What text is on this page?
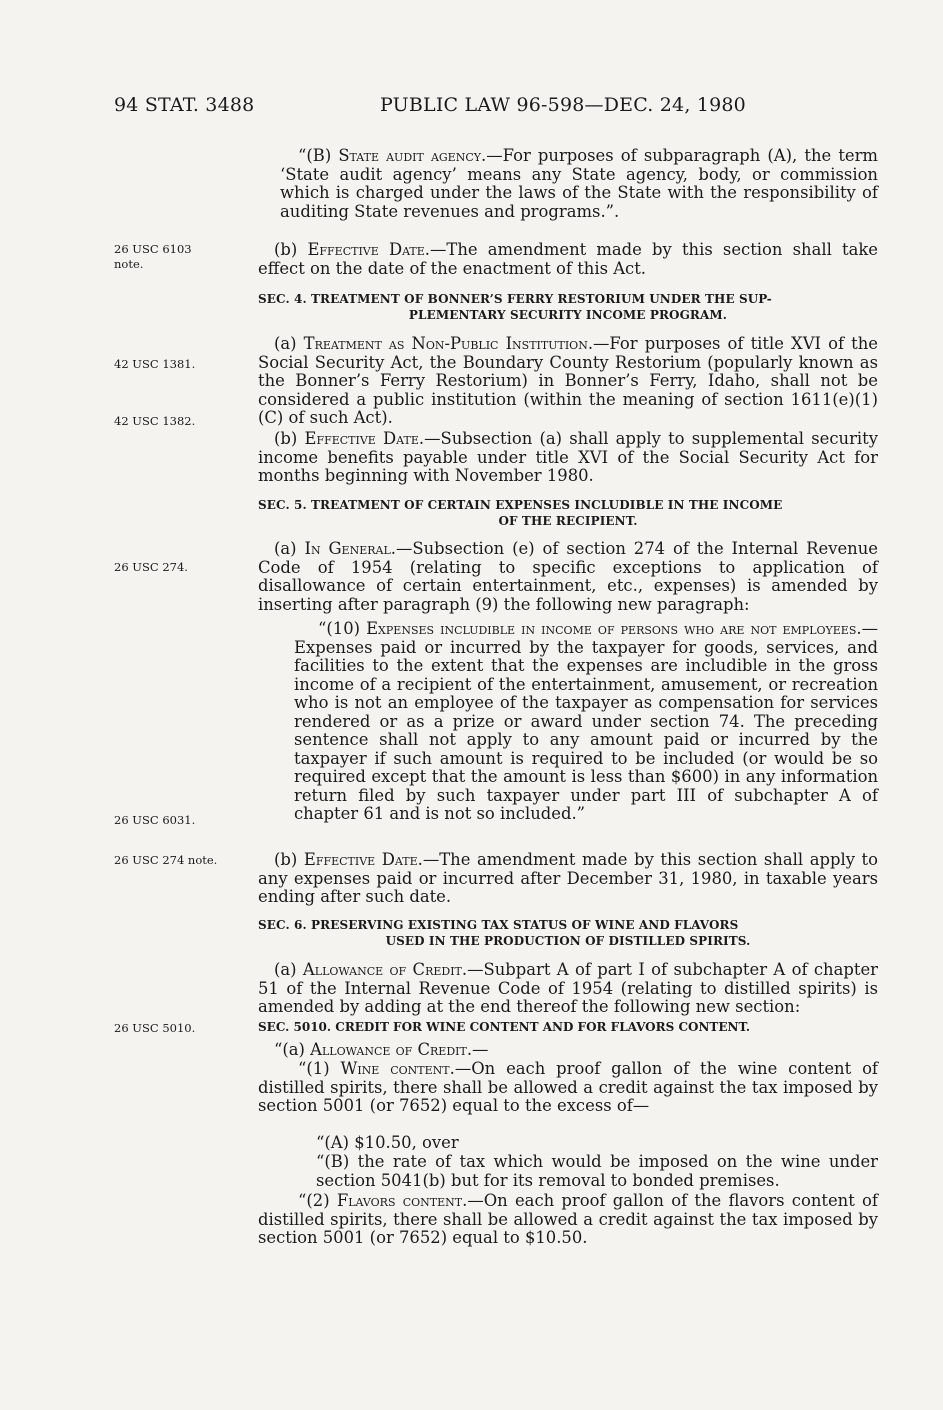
94 STAT. 3488	PUBLIC LAW 96-598—DEC. 24, 1980
26 USC 6103
note.
42 USC 1381.
42 USC 1382.
26 USC 274.
26 USC 6031.
26 USC 274 note.
26 USC 5010.

“(B) State audit agency.—For purposes of subparagraph (A), the term ‘State audit agency’ means any State agency, body, or commission which is charged under the laws of the State with the responsibility of auditing State revenues and programs.”.

(b) Effective Date.—The amendment made by this section shall take effect on the date of the enactment of this Act.

SEC. 4. TREATMENT OF BONNER’S FERRY RESTORIUM UNDER THE SUP-
PLEMENTARY SECURITY INCOME PROGRAM.

(a) Treatment as Non-Public Institution.—For purposes of title XVI of the Social Security Act, the Boundary County Restorium (popularly known as the Bonner’s Ferry Restorium) in Bonner’s Ferry, Idaho, shall not be considered a public institution (within the meaning of section 1611(e)(1)(C) of such Act).

(b) Effective Date.—Subsection (a) shall apply to supplemental security income benefits payable under title XVI of the Social Security Act for months beginning with November 1980.

SEC. 5. TREATMENT OF CERTAIN EXPENSES INCLUDIBLE IN THE INCOME
OF THE RECIPIENT.

(a) In General.—Subsection (e) of section 274 of the Internal Revenue Code of 1954 (relating to specific exceptions to application of disallowance of certain entertainment, etc., expenses) is amended by inserting after paragraph (9) the following new paragraph:

“(10) Expenses includible in income of persons who are not employees.—Expenses paid or incurred by the taxpayer for goods, services, and facilities to the extent that the expenses are includible in the gross income of a recipient of the entertainment, amusement, or recreation who is not an employee of the taxpayer as compensation for services rendered or as a prize or award under section 74. The preceding sentence shall not apply to any amount paid or incurred by the taxpayer if such amount is required to be included (or would be so required except that the amount is less than $600) in any information return filed by such taxpayer under part III of subchapter A of chapter 61 and is not so included.”

(b) Effective Date.—The amendment made by this section shall apply to any expenses paid or incurred after December 31, 1980, in taxable years ending after such date.

SEC. 6. PRESERVING EXISTING TAX STATUS OF WINE AND FLAVORS
USED IN THE PRODUCTION OF DISTILLED SPIRITS.

(a) Allowance of Credit.—Subpart A of part I of subchapter A of chapter 51 of the Internal Revenue Code of 1954 (relating to distilled spirits) is amended by adding at the end thereof the following new section:

SEC. 5010. CREDIT FOR WINE CONTENT AND FOR FLAVORS CONTENT.

“(a) Allowance of Credit.—

“(1) Wine content.—On each proof gallon of the wine content of distilled spirits, there shall be allowed a credit against the tax imposed by section 5001 (or 7652) equal to the excess of—

“(A) $10.50, over

“(B) the rate of tax which would be imposed on the wine under section 5041(b) but for its removal to bonded premises.

“(2) Flavors content.—On each proof gallon of the flavors content of distilled spirits, there shall be allowed a credit against the tax imposed by section 5001 (or 7652) equal to $10.50.
